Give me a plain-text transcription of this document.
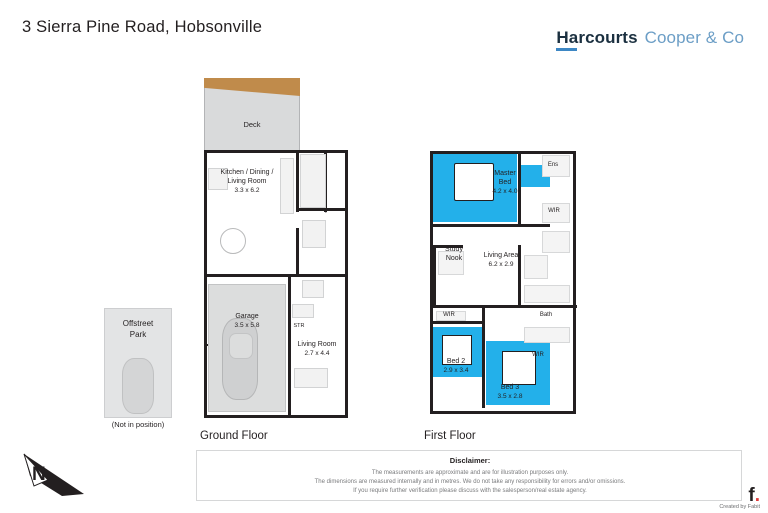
3 Sierra Pine Road, Hobsonville
Harcourts Cooper & Co
Deck
Kitchen / Dining /
Living Room
3.3 x 6.2
Garage
3.5 x 5.8
Living Room
2.7 x 4.4
STR
F
Ground Floor
Master
Bed
4.2 x 4.0
Study
Nook	Living Area
6.2 x 2.9
Bed 2
2.9 x 3.4
Bed 3
3.5 x 2.8
Ens
WIR
Bath
WIR
WIR
First Floor
Offstreet
Park
(Not in position)
N
Disclaimer:
The measurements are approximate and are for illustration purposes only.
The dimensions are measured internally and in metres. We do not take any responsibility for errors and/or omissions.
If you require further verification please discuss with the salesperson/real estate agency.	f.
Created by Fabit
